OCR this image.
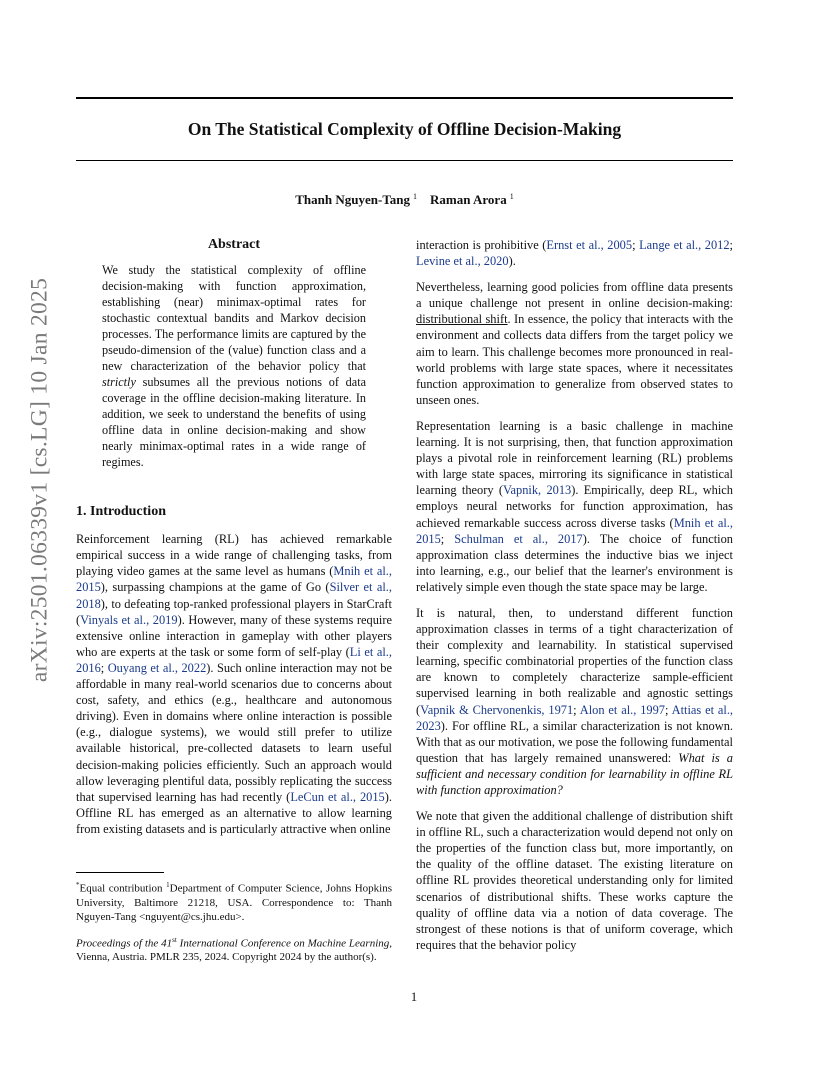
arXiv:2501.06339v1 [cs.LG] 10 Jan 2025
On The Statistical Complexity of Offline Decision-Making
Thanh Nguyen-Tang $^1$ Raman Arora $^1$
Abstract
We study the statistical complexity of offline decision-making with function approximation, establishing (near) minimax-optimal rates for stochastic contextual bandits and Markov decision processes. The performance limits are captured by the pseudo-dimension of the (value) function class and a new characterization of the behavior policy that strictly subsumes all the previous notions of data coverage in the offline decision-making literature. In addition, we seek to understand the benefits of using offline data in online decision-making and show nearly minimax-optimal rates in a wide range of regimes.
1. Introduction

Reinforcement learning (RL) has achieved remarkable empirical success in a wide range of challenging tasks, from playing video games at the same level as humans (Mnih et al., 2015), surpassing champions at the game of Go (Silver et al., 2018), to defeating top-ranked professional players in StarCraft (Vinyals et al., 2019). However, many of these systems require extensive online interaction in gameplay with other players who are experts at the task or some form of self-play (Li et al., 2016; Ouyang et al., 2022). Such online interaction may not be affordable in many real-world scenarios due to concerns about cost, safety, and ethics (e.g., healthcare and autonomous driving). Even in domains where online interaction is possible (e.g., dialogue systems), we would still prefer to utilize available historical, pre-collected datasets to learn useful decision-making policies efficiently. Such an approach would allow leveraging plentiful data, possibly replicating the success that supervised learning has had recently (LeCun et al., 2015). Offline RL has emerged as an alternative to allow learning from existing datasets and is particularly attractive when online

interaction is prohibitive (Ernst et al., 2005; Lange et al., 2012; Levine et al., 2020).

Nevertheless, learning good policies from offline data presents a unique challenge not present in online decision-making: distributional shift. In essence, the policy that interacts with the environment and collects data differs from the target policy we aim to learn. This challenge becomes more pronounced in real-world problems with large state spaces, where it necessitates function approximation to generalize from observed states to unseen ones.

Representation learning is a basic challenge in machine learning. It is not surprising, then, that function approximation plays a pivotal role in reinforcement learning (RL) problems with large state spaces, mirroring its significance in statistical learning theory (Vapnik, 2013). Empirically, deep RL, which employs neural networks for function approximation, has achieved remarkable success across diverse tasks (Mnih et al., 2015; Schulman et al., 2017). The choice of function approximation class determines the inductive bias we inject into learning, e.g., our belief that the learner's environment is relatively simple even though the state space may be large.

It is natural, then, to understand different function approximation classes in terms of a tight characterization of their complexity and learnability. In statistical supervised learning, specific combinatorial properties of the function class are known to completely characterize sample-efficient supervised learning in both realizable and agnostic settings (Vapnik & Chervonenkis, 1971; Alon et al., 1997; Attias et al., 2023). For offline RL, a similar characterization is not known. With that as our motivation, we pose the following fundamental question that has largely remained unanswered: What is a sufficient and necessary condition for learnability in offline RL with function approximation?

We note that given the additional challenge of distribution shift in offline RL, such a characterization would depend not only on the properties of the function class but, more importantly, on the quality of the offline dataset. The existing literature on offline RL provides theoretical understanding only for limited scenarios of distributional shifts. These works capture the quality of offline data via a notion of data coverage. The strongest of these notions is that of uniform coverage, which requires that the behavior policy

*Equal contribution $^1$Department of Computer Science, Johns Hopkins University, Baltimore 21218, USA. Correspondence to: Thanh Nguyen-Tang <nguyent@cs.jhu.edu>.

Proceedings of the 41st International Conference on Machine Learning, Vienna, Austria. PMLR 235, 2024. Copyright 2024 by the author(s).

1
